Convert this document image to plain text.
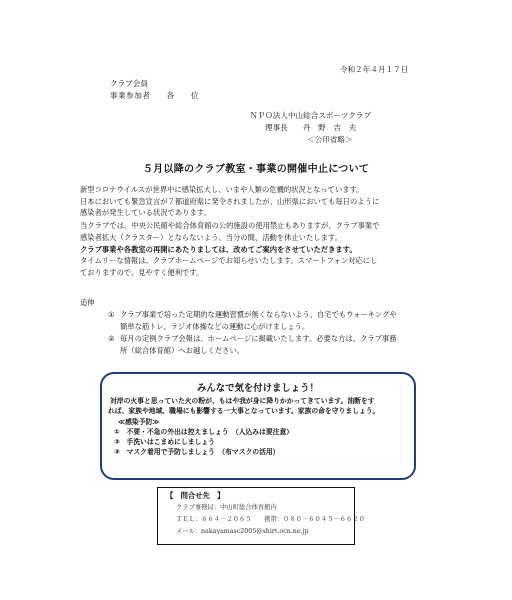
令和２年４月１７日
クラブ会員
事業参加者　　各　　位
ＮＰＯ法人中山総合スポーツクラブ
理事長　　丹　野　吉　夫
＜公印省略＞
５月以降のクラブ教室・事業の開催中止について

新型コロナウイルスが世界中に感染拡大し、いまや人類の危機的状況となっています。

日本においても緊急宣言が７都道府県に発令されましたが、山形県においても毎日のように

感染者が発生している状況であります。

当クラブでは、中央公民館や総合体育館の公的施設の使用禁止もありますが、クラブ事業で

感染者拡大（クラスター）とならないよう、当分の間、活動を休止いたします。

クラブ事業や各教室の再開にあたりましては、改めてご案内をさせていただきます。

タイムリーな情報は、クラブホームページでお知らせいたします。スマートフォン対応にし

ておりますので、見やすく便利です。

追伸
① クラブ事業で培った定期的な運動習慣が無くならないよう、自宅でもウォーキングや
簡単な筋トレ、ラジオ体操などの運動に心がけましょう。
② 毎月の定例クラブ会報は、ホームページに掲載いたします。必要な方は、クラブ事務
所（総合体育館）へお越しください。
みんなで気を付けましょう！
対岸の火事と思っていた火の粉が、もはや我が身に降りかかってきています。油断をす
れば、家族や地域、職場にも影響する一大事となっています。家族の命を守りましょう。
≪感染予防≫
①　不要・不急の外出は控えましょう　（人込みは要注意）
②　手洗いはこまめにしましょう
③　マスク着用で予防しましょう　（布マスクの活用）
【　問合せ先　】
クラブ事務局：中山町総合体育館内
ＴＥＬ：６６４－２０６５　　携帯：０８０－６０４５－６６２０
メール：nakayamasc2005@shirt.ocn.ne.jp
